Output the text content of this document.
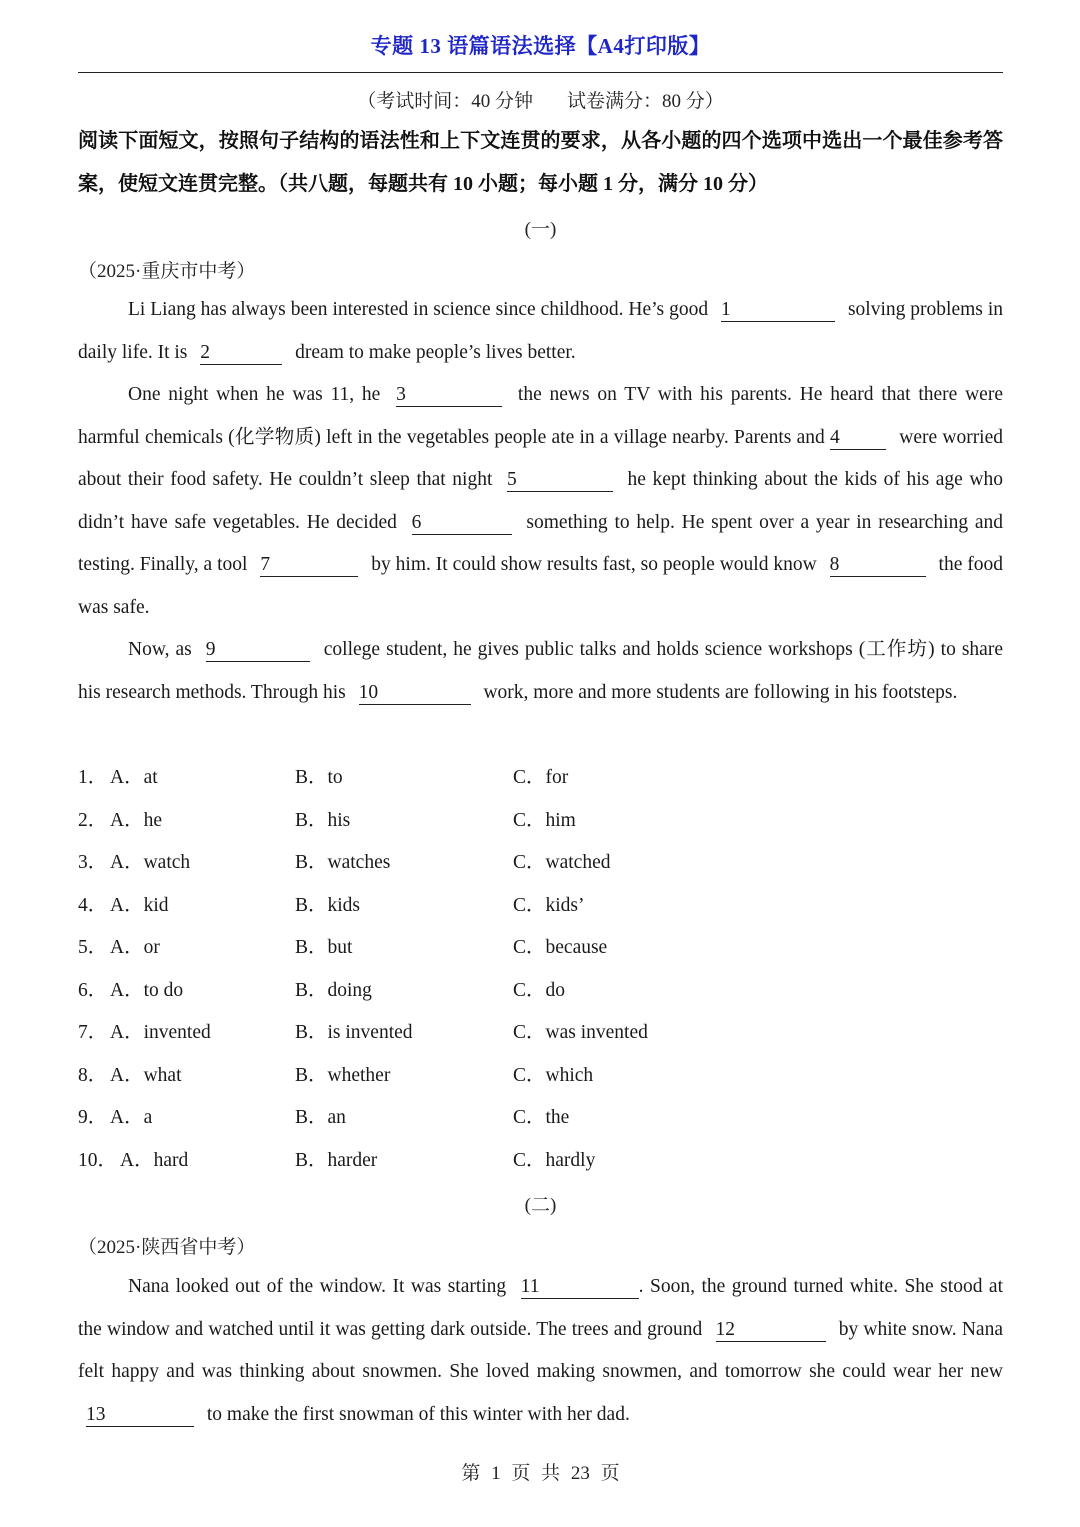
专题 13 语篇语法选择【A4打印版】
（考试时间：40 分钟 试卷满分：80 分）
阅读下面短文，按照句子结构的语法性和上下文连贯的要求，从各小题的四个选项中选出一个最佳参考答案，使短文连贯完整。（共八题，每题共有 10 小题；每小题 1 分，满分 10 分）
(一)
（2025·重庆市中考）

Li Liang has always been interested in science since childhood. He’s good 1	solving problems in daily life. It is 2	dream to make people’s lives better.

One night when he was 11, he 3	the news on TV with his parents. He heard that there were harmful chemicals (化学物质) left in the vegetables people ate in a village nearby. Parents and 4	were worried about their food safety. He couldn’t sleep that night 5	he kept thinking about the kids of his age who didn’t have safe vegetables. He decided 6	something to help. He spent over a year in researching and testing. Finally, a tool 7	by him. It could show results fast, so people would know 8	the food was safe.

Now, as 9	college student, he gives public talks and holds science workshops (工作坊) to share his research methods. Through his 10	work, more and more students are following in his footsteps.

1． A．at	B．to	C．for
2． A．he	B．his	C．him
3． A．watch	B．watches	C．watched
4． A．kid	B．kids	C．kids’
5． A．or	B．but	C．because
6． A．to do	B．doing	C．do
7． A．invented	B．is invented	C．was invented
8． A．what	B．whether	C．which
9． A．a	B．an	C．the
10． A．hard	B．harder	C．hardly
(二)
（2025·陕西省中考）

Nana looked out of the window. It was starting 11	. Soon, the ground turned white. She stood at the window and watched until it was getting dark outside. The trees and ground 12	by white snow. Nana felt happy and was thinking about snowmen. She loved making snowmen, and tomorrow she could wear her new 13	to make the first snowman of this winter with her dad.

第 1 页 共 23 页
